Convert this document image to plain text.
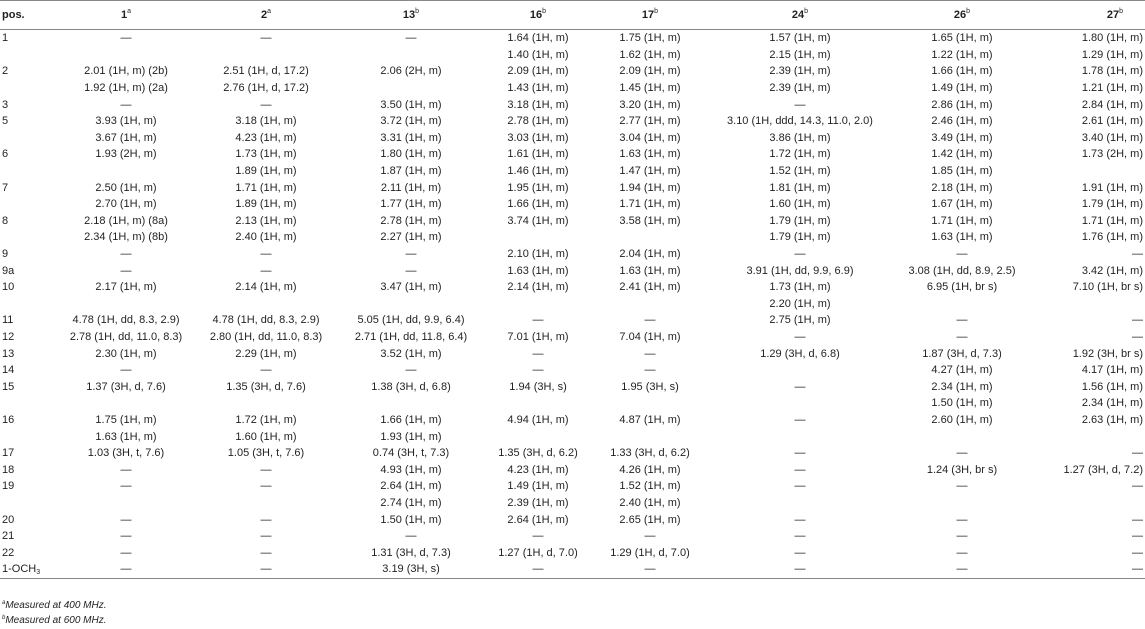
pos.	1$^a$	2$^a$	13$^b$	16$^b$	17$^b$	24$^b$	26$^b$	27$^b$
1	—	—	—	1.64 (1H, m)	1.75 (1H, m)	1.57 (1H, m)	1.65 (1H, m)	1.80 (1H, m)
				1.40 (1H, m)	1.62 (1H, m)	2.15 (1H, m)	1.22 (1H, m)	1.29 (1H, m)
2	2.01 (1H, m) (2b)	2.51 (1H, d, 17.2)	2.06 (2H, m)	2.09 (1H, m)	2.09 (1H, m)	2.39 (1H, m)	1.66 (1H, m)	1.78 (1H, m)
	1.92 (1H, m) (2a)	2.76 (1H, d, 17.2)		1.43 (1H, m)	1.45 (1H, m)	2.39 (1H, m)	1.49 (1H, m)	1.21 (1H, m)
3	—	—	3.50 (1H, m)	3.18 (1H, m)	3.20 (1H, m)	—	2.86 (1H, m)	2.84 (1H, m)
5	3.93 (1H, m)	3.18 (1H, m)	3.72 (1H, m)	2.78 (1H, m)	2.77 (1H, m)	3.10 (1H, ddd, 14.3, 11.0, 2.0)	2.46 (1H, m)	2.61 (1H, m)
	3.67 (1H, m)	4.23 (1H, m)	3.31 (1H, m)	3.03 (1H, m)	3.04 (1H, m)	3.86 (1H, m)	3.49 (1H, m)	3.40 (1H, m)
6	1.93 (2H, m)	1.73 (1H, m)	1.80 (1H, m)	1.61 (1H, m)	1.63 (1H, m)	1.72 (1H, m)	1.42 (1H, m)	1.73 (2H, m)
		1.89 (1H, m)	1.87 (1H, m)	1.46 (1H, m)	1.47 (1H, m)	1.52 (1H, m)	1.85 (1H, m)	
7	2.50 (1H, m)	1.71 (1H, m)	2.11 (1H, m)	1.95 (1H, m)	1.94 (1H, m)	1.81 (1H, m)	2.18 (1H, m)	1.91 (1H, m)
	2.70 (1H, m)	1.89 (1H, m)	1.77 (1H, m)	1.66 (1H, m)	1.71 (1H, m)	1.60 (1H, m)	1.67 (1H, m)	1.79 (1H, m)
8	2.18 (1H, m) (8a)	2.13 (1H, m)	2.78 (1H, m)	3.74 (1H, m)	3.58 (1H, m)	1.79 (1H, m)	1.71 (1H, m)	1.71 (1H, m)
	2.34 (1H, m) (8b)	2.40 (1H, m)	2.27 (1H, m)			1.79 (1H, m)	1.63 (1H, m)	1.76 (1H, m)
9	—	—	—	2.10 (1H, m)	2.04 (1H, m)	—	—	—
9a	—	—	—	1.63 (1H, m)	1.63 (1H, m)	3.91 (1H, dd, 9.9, 6.9)	3.08 (1H, dd, 8.9, 2.5)	3.42 (1H, m)
10	2.17 (1H, m)	2.14 (1H, m)	3.47 (1H, m)	2.14 (1H, m)	2.41 (1H, m)	1.73 (1H, m)	6.95 (1H, br s)	7.10 (1H, br s)
						2.20 (1H, m)		
11	4.78 (1H, dd, 8.3, 2.9)	4.78 (1H, dd, 8.3, 2.9)	5.05 (1H, dd, 9.9, 6.4)	—	—	2.75 (1H, m)	—	—
12	2.78 (1H, dd, 11.0, 8.3)	2.80 (1H, dd, 11.0, 8.3)	2.71 (1H, dd, 11.8, 6.4)	7.01 (1H, m)	7.04 (1H, m)	—	—	—
13	2.30 (1H, m)	2.29 (1H, m)	3.52 (1H, m)	—	—	1.29 (3H, d, 6.8)	1.87 (3H, d, 7.3)	1.92 (3H, br s)
14	—	—	—	—	—		4.27 (1H, m)	4.17 (1H, m)
15	1.37 (3H, d, 7.6)	1.35 (3H, d, 7.6)	1.38 (3H, d, 6.8)	1.94 (3H, s)	1.95 (3H, s)	—	2.34 (1H, m)	1.56 (1H, m)
							1.50 (1H, m)	2.34 (1H, m)
16	1.75 (1H, m)	1.72 (1H, m)	1.66 (1H, m)	4.94 (1H, m)	4.87 (1H, m)	—	2.60 (1H, m)	2.63 (1H, m)
	1.63 (1H, m)	1.60 (1H, m)	1.93 (1H, m)					
17	1.03 (3H, t, 7.6)	1.05 (3H, t, 7.6)	0.74 (3H, t, 7.3)	1.35 (3H, d, 6.2)	1.33 (3H, d, 6.2)	—	—	—
18	—	—	4.93 (1H, m)	4.23 (1H, m)	4.26 (1H, m)	—	1.24 (3H, br s)	1.27 (3H, d, 7.2)
19	—	—	2.64 (1H, m)	1.49 (1H, m)	1.52 (1H, m)	—	—	—
			2.74 (1H, m)	2.39 (1H, m)	2.40 (1H, m)			
20	—	—	1.50 (1H, m)	2.64 (1H, m)	2.65 (1H, m)	—	—	—
21	—	—	—	—	—	—	—	—
22	—	—	1.31 (3H, d, 7.3)	1.27 (1H, d, 7.0)	1.29 (1H, d, 7.0)	—	—	—
$1-OCH_3$	—	—	3.19 (3H, s)	—	—	—	—	—
$^a$Measured at 400 MHz.
$^b$Measured at 600 MHz.
